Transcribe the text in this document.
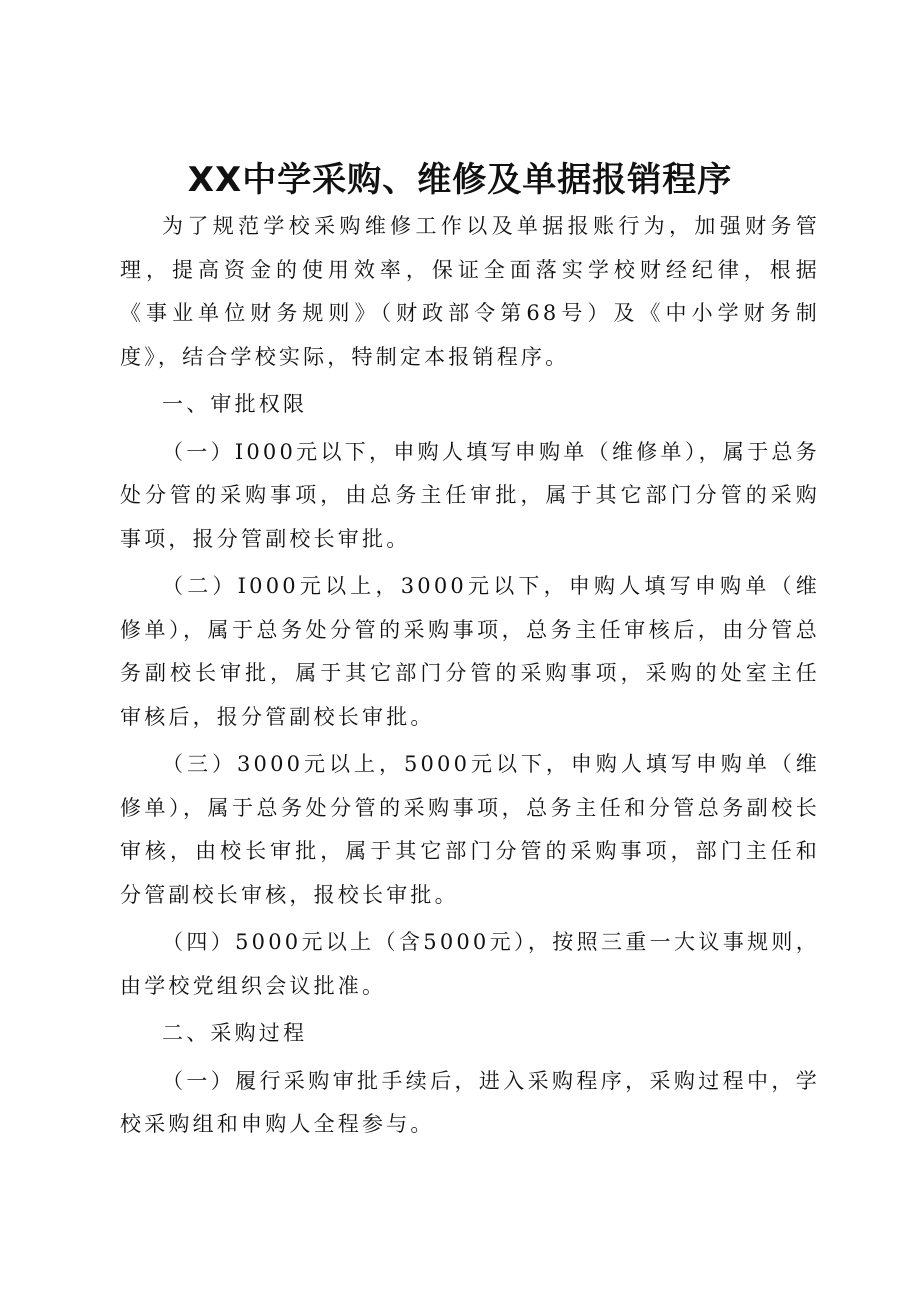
XX中学采购、维修及单据报销程序

为了规范学校采购维修工作以及单据报账行为，加强财务管理，提高资金的使用效率，保证全面落实学校财经纪律，根据《事业单位财务规则》（财政部令第68号）及《中小学财务制度》，结合学校实际，特制定本报销程序。

一、审批权限

（一）I000元以下，申购人填写申购单（维修单），属于总务处分管的采购事项，由总务主任审批，属于其它部门分管的采购事项，报分管副校长审批。

（二）I000元以上，3000元以下，申购人填写申购单（维修单），属于总务处分管的采购事项，总务主任审核后，由分管总务副校长审批，属于其它部门分管的采购事项，采购的处室主任审核后，报分管副校长审批。

（三）3000元以上，5000元以下，申购人填写申购单（维修单），属于总务处分管的采购事项，总务主任和分管总务副校长审核，由校长审批，属于其它部门分管的采购事项，部门主任和分管副校长审核，报校长审批。

（四）5000元以上（含5000元），按照三重一大议事规则，由学校党组织会议批准。

二、采购过程

（一）履行采购审批手续后，进入采购程序，采购过程中，学校采购组和申购人全程参与。
